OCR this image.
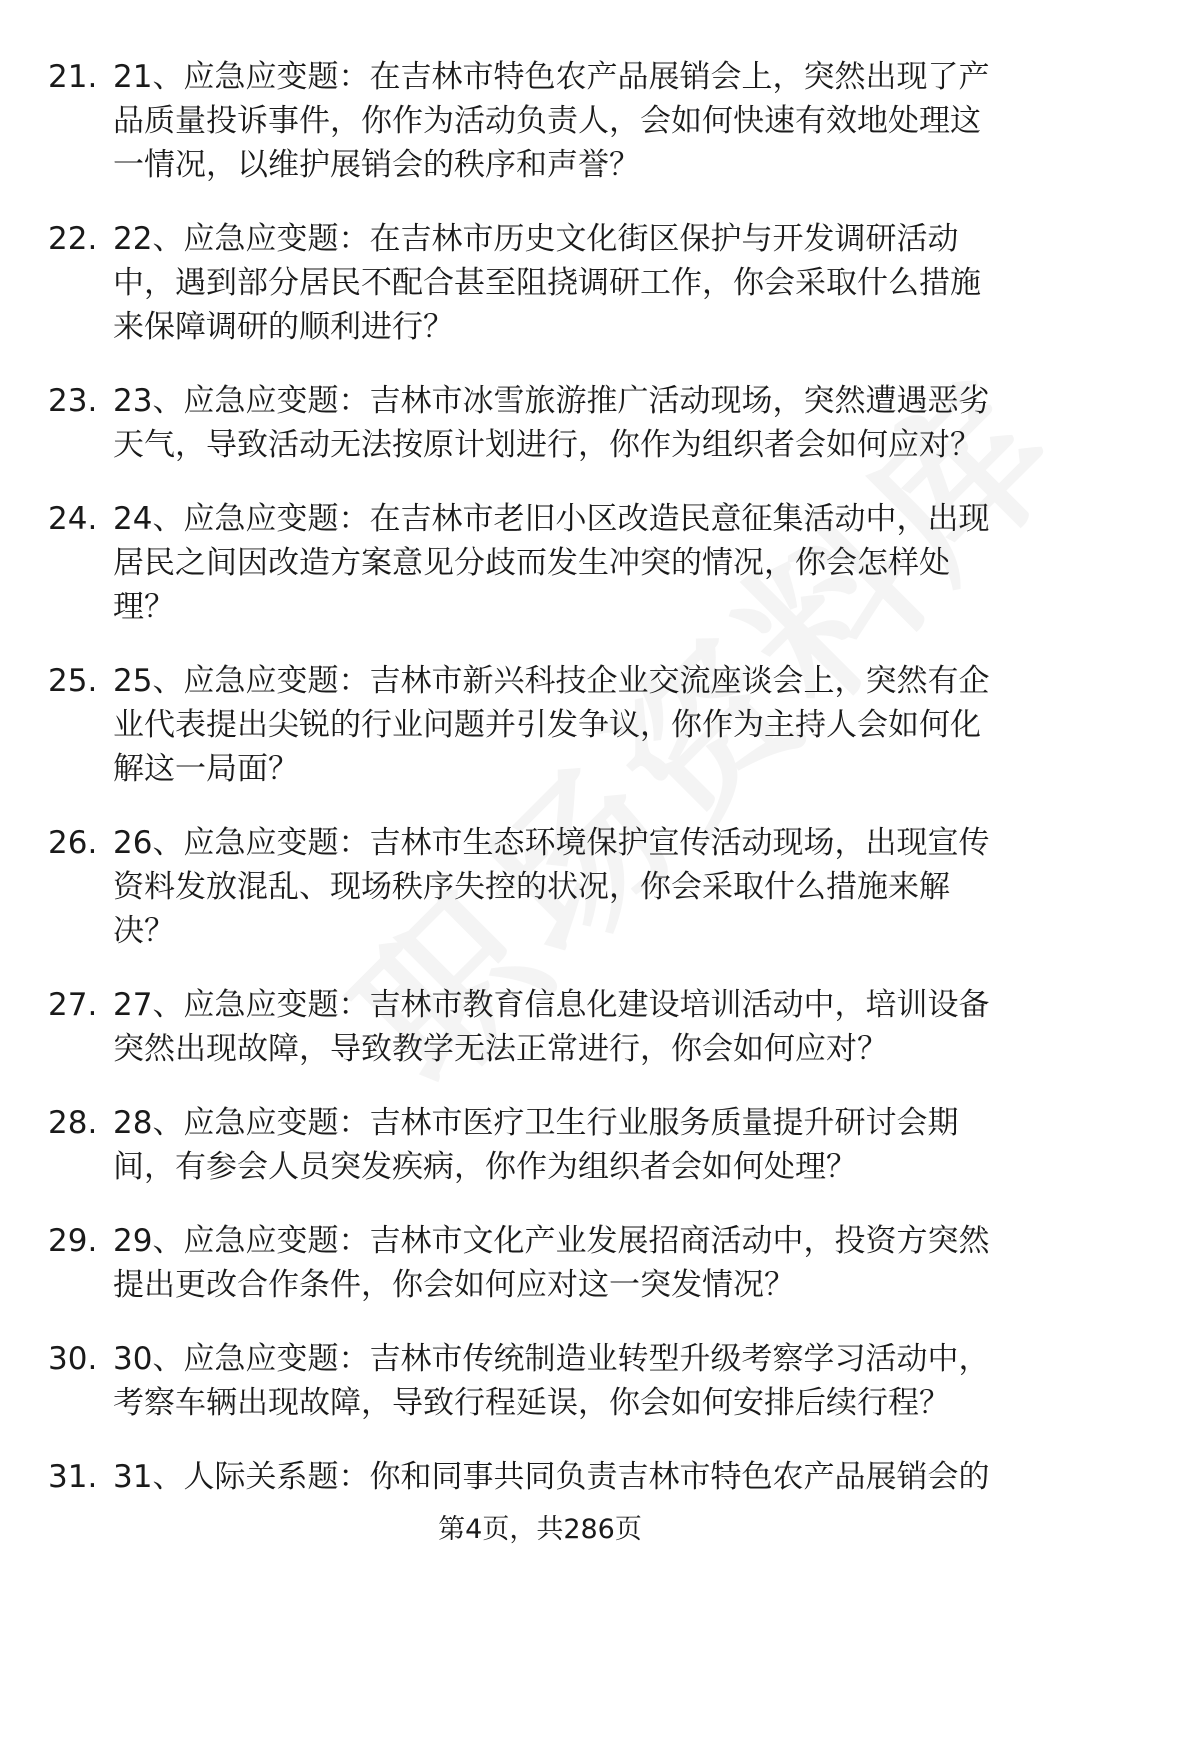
21. 21、应急应变题：在吉林市特色农产品展销会上，突然出现了产
品质量投诉事件，你作为活动负责人，会如何快速有效地处理这
一情况，以维护展销会的秩序和声誉？
22. 22、应急应变题：在吉林市历史文化街区保护与开发调研活动
中，遇到部分居民不配合甚至阻挠调研工作，你会采取什么措施
来保障调研的顺利进行？
23. 23、应急应变题：吉林市冰雪旅游推广活动现场，突然遭遇恶劣
天气，导致活动无法按原计划进行，你作为组织者会如何应对？
24. 24、应急应变题：在吉林市老旧小区改造民意征集活动中，出现
居民之间因改造方案意见分歧而发生冲突的情况，你会怎样处
理？
25. 25、应急应变题：吉林市新兴科技企业交流座谈会上，突然有企
业代表提出尖锐的行业问题并引发争议，你作为主持人会如何化
解这一局面？
26. 26、应急应变题：吉林市生态环境保护宣传活动现场，出现宣传
资料发放混乱、现场秩序失控的状况，你会采取什么措施来解
决？
27. 27、应急应变题：吉林市教育信息化建设培训活动中，培训设备
突然出现故障，导致教学无法正常进行，你会如何应对？
28. 28、应急应变题：吉林市医疗卫生行业服务质量提升研讨会期
间，有参会人员突发疾病，你作为组织者会如何处理？
29. 29、应急应变题：吉林市文化产业发展招商活动中，投资方突然
提出更改合作条件，你会如何应对这一突发情况？
30. 30、应急应变题：吉林市传统制造业转型升级考察学习活动中，
考察车辆出现故障，导致行程延误，你会如何安排后续行程？
31. 31、人际关系题：你和同事共同负责吉林市特色农产品展销会的
第4页，共286页
